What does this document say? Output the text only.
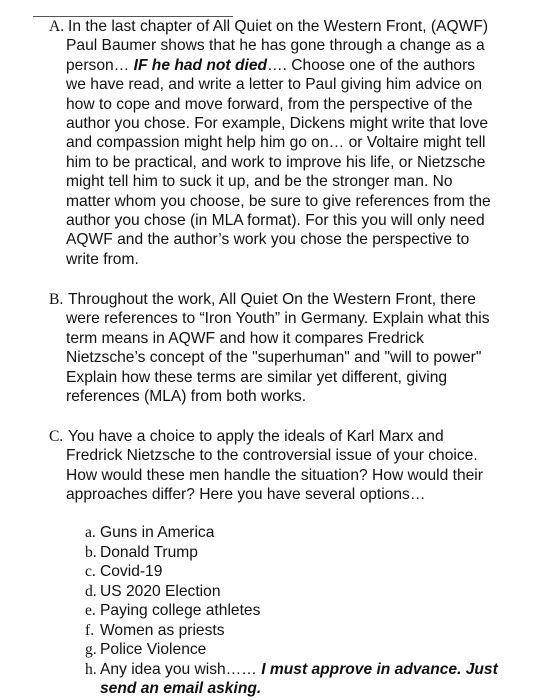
A. In the last chapter of All Quiet on the Western Front, (AQWF)
Paul Baumer shows that he has gone through a change as a
person… IF he had not died…. Choose one of the authors
we have read, and write a letter to Paul giving him advice on
how to cope and move forward, from the perspective of the
author you chose. For example, Dickens might write that love
and compassion might help him go on… or Voltaire might tell
him to be practical, and work to improve his life, or Nietzsche
might tell him to suck it up, and be the stronger man. No
matter whom you choose, be sure to give references from the
author you chose (in MLA format). For this you will only need
AQWF and the author’s work you chose the perspective to
write from.
B. Throughout the work, All Quiet On the Western Front, there
were references to “Iron Youth” in Germany. Explain what this
term means in AQWF and how it compares Fredrick
Nietzsche’s concept of the "superhuman" and "will to power"
Explain how these terms are similar yet different, giving
references (MLA) from both works.
C. You have a choice to apply the ideals of Karl Marx and
Fredrick Nietzsche to the controversial issue of your choice.
How would these men handle the situation? How would their
approaches differ? Here you have several options…
a. Guns in America
b. Donald Trump
c. Covid-19
d. US 2020 Election
e. Paying college athletes
f. Women as priests
g. Police Violence
h. Any idea you wish…… I must approve in advance. Just
send an email asking.
